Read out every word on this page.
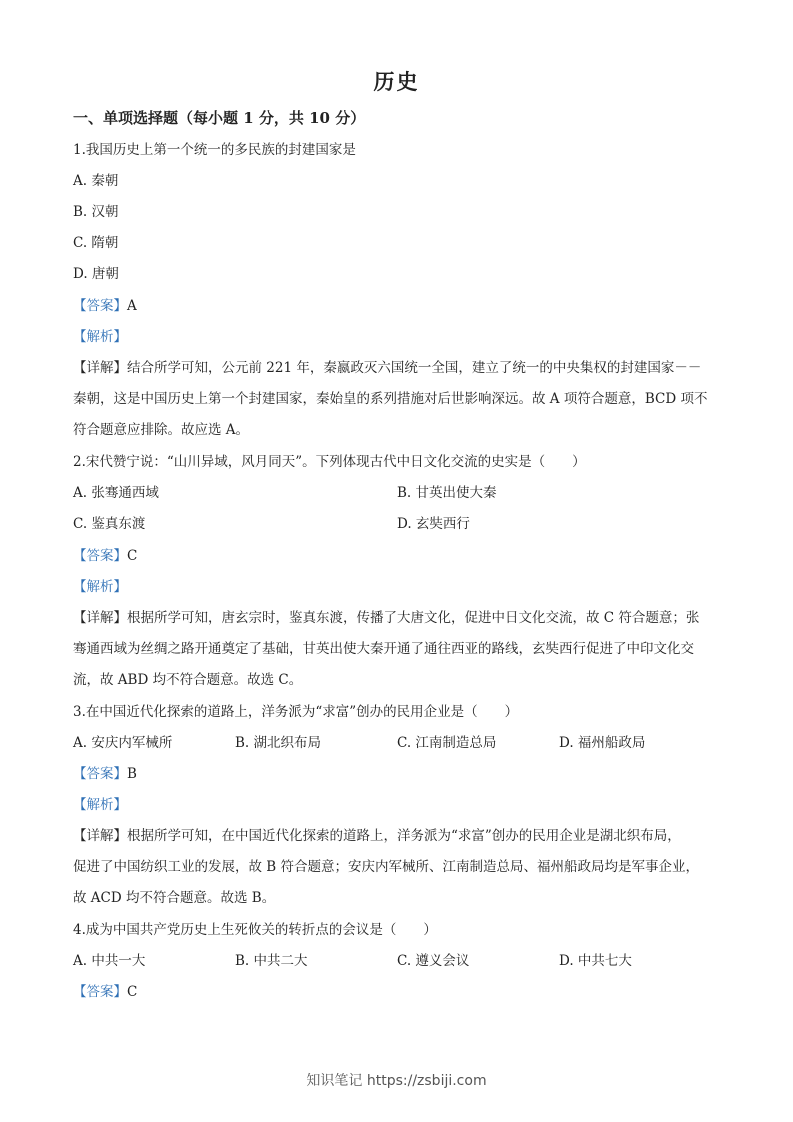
历史
一、单项选择题（每小题 1 分，共 10 分）
1.我国历史上第一个统一的多民族的封建国家是
A. 秦朝
B. 汉朝
C. 隋朝
D. 唐朝
【答案】A
【解析】
【详解】结合所学可知，公元前 221 年，秦嬴政灭六国统一全国，建立了统一的中央集权的封建国家－－
秦朝，这是中国历史上第一个封建国家，秦始皇的系列措施对后世影响深远。故 A 项符合题意，BCD 项不
符合题意应排除。故应选 A。
2.宋代赞宁说：“山川异域，风月同天”。下列体现古代中日文化交流的史实是（　　）
A. 张骞通西域	B. 甘英出使大秦
C. 鉴真东渡	D. 玄奘西行
【答案】C
【解析】
【详解】根据所学可知，唐玄宗时，鉴真东渡，传播了大唐文化，促进中日文化交流，故 C 符合题意；张
骞通西域为丝绸之路开通奠定了基础，甘英出使大秦开通了通往西亚的路线，玄奘西行促进了中印文化交
流，故 ABD 均不符合题意。故选 C。
3.在中国近代化探索的道路上，洋务派为“求富”创办的民用企业是（　　）
A. 安庆内军械所	B. 湖北织布局	C. 江南制造总局	D. 福州船政局
【答案】B
【解析】
【详解】根据所学可知，在中国近代化探索的道路上，洋务派为“求富”创办的民用企业是湖北织布局，
促进了中国纺织工业的发展，故 B 符合题意；安庆内军械所、江南制造总局、福州船政局均是军事企业，
故 ACD 均不符合题意。故选 B。
4.成为中国共产党历史上生死攸关的转折点的会议是（　　）
A. 中共一大	B. 中共二大	C. 遵义会议	D. 中共七大
【答案】C
知识笔记 https://zsbiji.com
